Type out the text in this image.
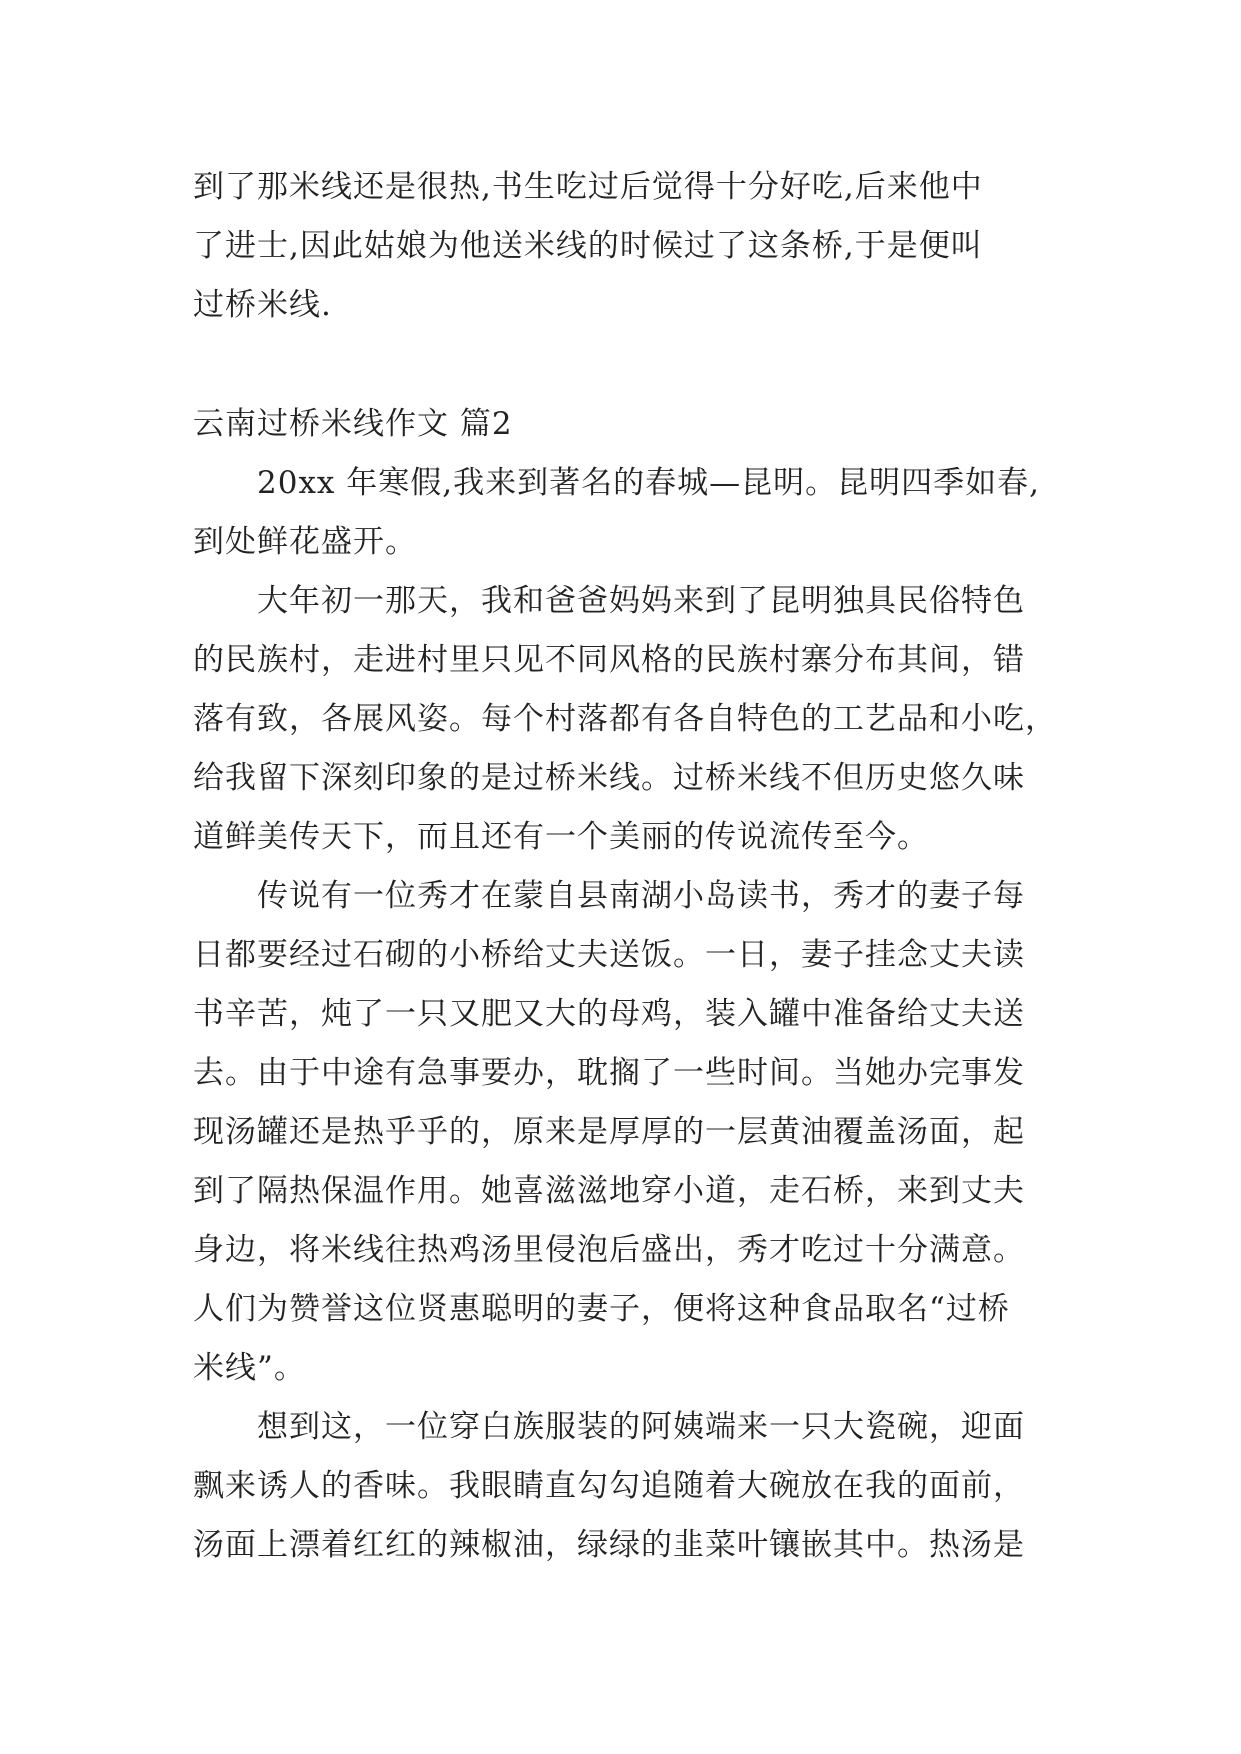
到了那米线还是很热,书生吃过后觉得十分好吃,后来他中
了进士,因此姑娘为他送米线的时候过了这条桥,于是便叫
过桥米线.
云南过桥米线作文 篇2
20xx 年寒假,我来到著名的春城—昆明。昆明四季如春,
到处鲜花盛开。
大年初一那天，我和爸爸妈妈来到了昆明独具民俗特色
的民族村，走进村里只见不同风格的民族村寨分布其间，错
落有致，各展风姿。每个村落都有各自特色的工艺品和小吃，
给我留下深刻印象的是过桥米线。过桥米线不但历史悠久味
道鲜美传天下，而且还有一个美丽的传说流传至今。
传说有一位秀才在蒙自县南湖小岛读书，秀才的妻子每
日都要经过石砌的小桥给丈夫送饭。一日，妻子挂念丈夫读
书辛苦，炖了一只又肥又大的母鸡，装入罐中准备给丈夫送
去。由于中途有急事要办，耽搁了一些时间。当她办完事发
现汤罐还是热乎乎的，原来是厚厚的一层黄油覆盖汤面，起
到了隔热保温作用。她喜滋滋地穿小道，走石桥，来到丈夫
身边，将米线往热鸡汤里侵泡后盛出，秀才吃过十分满意。
人们为赞誉这位贤惠聪明的妻子，便将这种食品取名“过桥
米线”。
想到这，一位穿白族服装的阿姨端来一只大瓷碗，迎面
飘来诱人的香味。我眼睛直勾勾追随着大碗放在我的面前，
汤面上漂着红红的辣椒油，绿绿的韭菜叶镶嵌其中。热汤是
